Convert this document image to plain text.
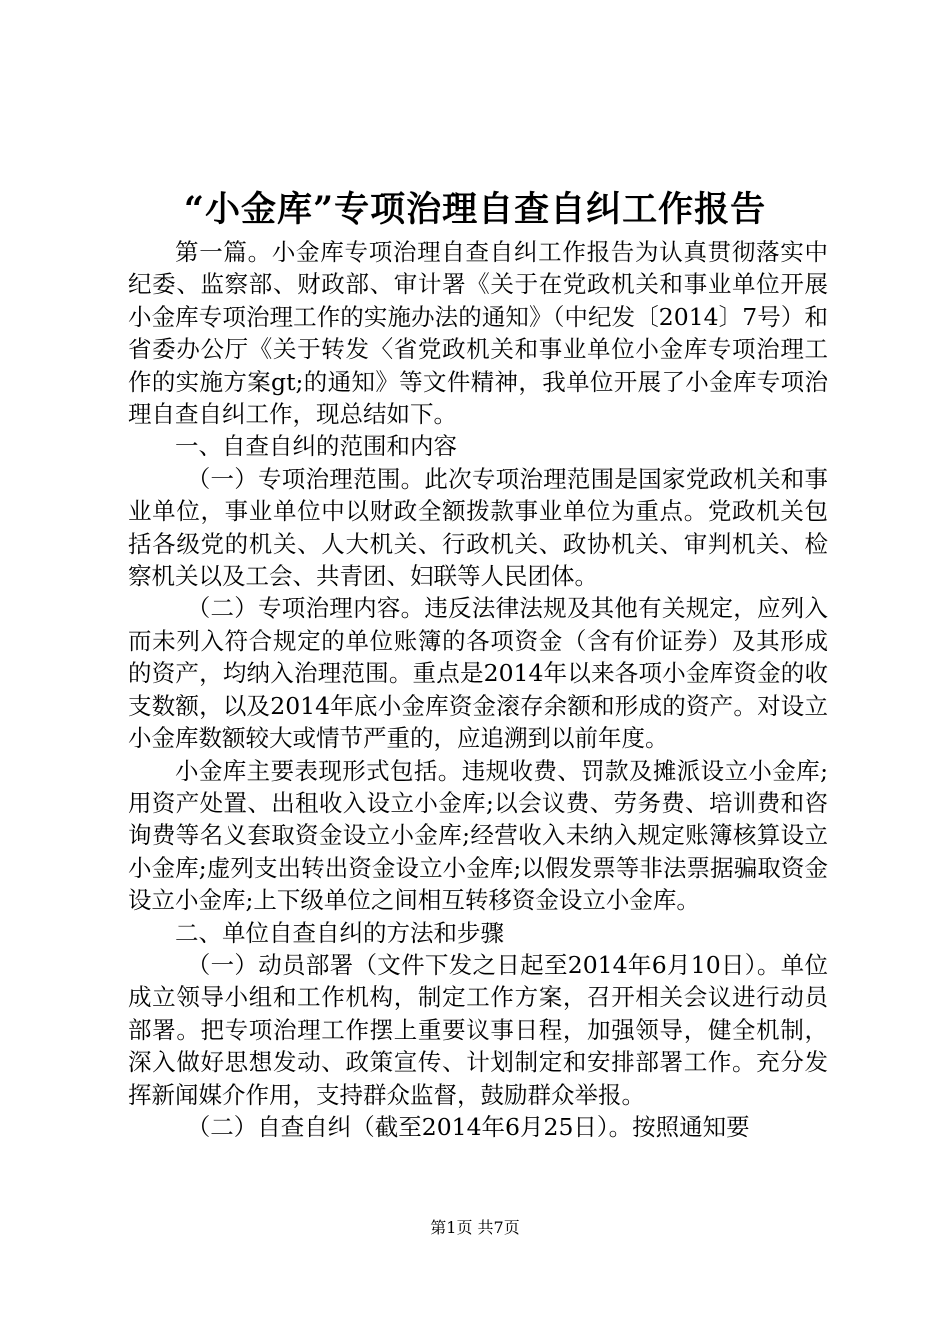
“小金库”专项治理自查自纠工作报告

第一篇。小金库专项治理自查自纠工作报告为认真贯彻落实中纪委、监察部、财政部、审计署《关于在党政机关和事业单位开展小金库专项治理工作的实施办法的通知》（中纪发〔2014〕7号）和省委办公厅《关于转发〈省党政机关和事业单位小金库专项治理工作的实施方案gt;的通知》等文件精神，我单位开展了小金库专项治理自查自纠工作，现总结如下。

一、自查自纠的范围和内容

（一）专项治理范围。此次专项治理范围是国家党政机关和事业单位，事业单位中以财政全额拨款事业单位为重点。党政机关包括各级党的机关、人大机关、行政机关、政协机关、审判机关、检察机关以及工会、共青团、妇联等人民团体。

（二）专项治理内容。违反法律法规及其他有关规定，应列入而未列入符合规定的单位账簿的各项资金（含有价证券）及其形成的资产，均纳入治理范围。重点是2014年以来各项小金库资金的收支数额，以及2014年底小金库资金滚存余额和形成的资产。对设立小金库数额较大或情节严重的，应追溯到以前年度。

小金库主要表现形式包括。违规收费、罚款及摊派设立小金库;用资产处置、出租收入设立小金库;以会议费、劳务费、培训费和咨询费等名义套取资金设立小金库;经营收入未纳入规定账簿核算设立小金库;虚列支出转出资金设立小金库;以假发票等非法票据骗取资金设立小金库;上下级单位之间相互转移资金设立小金库。

二、单位自查自纠的方法和步骤

（一）动员部署（文件下发之日起至2014年6月10日）。单位成立领导小组和工作机构，制定工作方案，召开相关会议进行动员部署。把专项治理工作摆上重要议事日程，加强领导，健全机制，深入做好思想发动、政策宣传、计划制定和安排部署工作。充分发挥新闻媒介作用，支持群众监督，鼓励群众举报。

（二）自查自纠（截至2014年6月25日）。按照通知要

第1页 共7页
